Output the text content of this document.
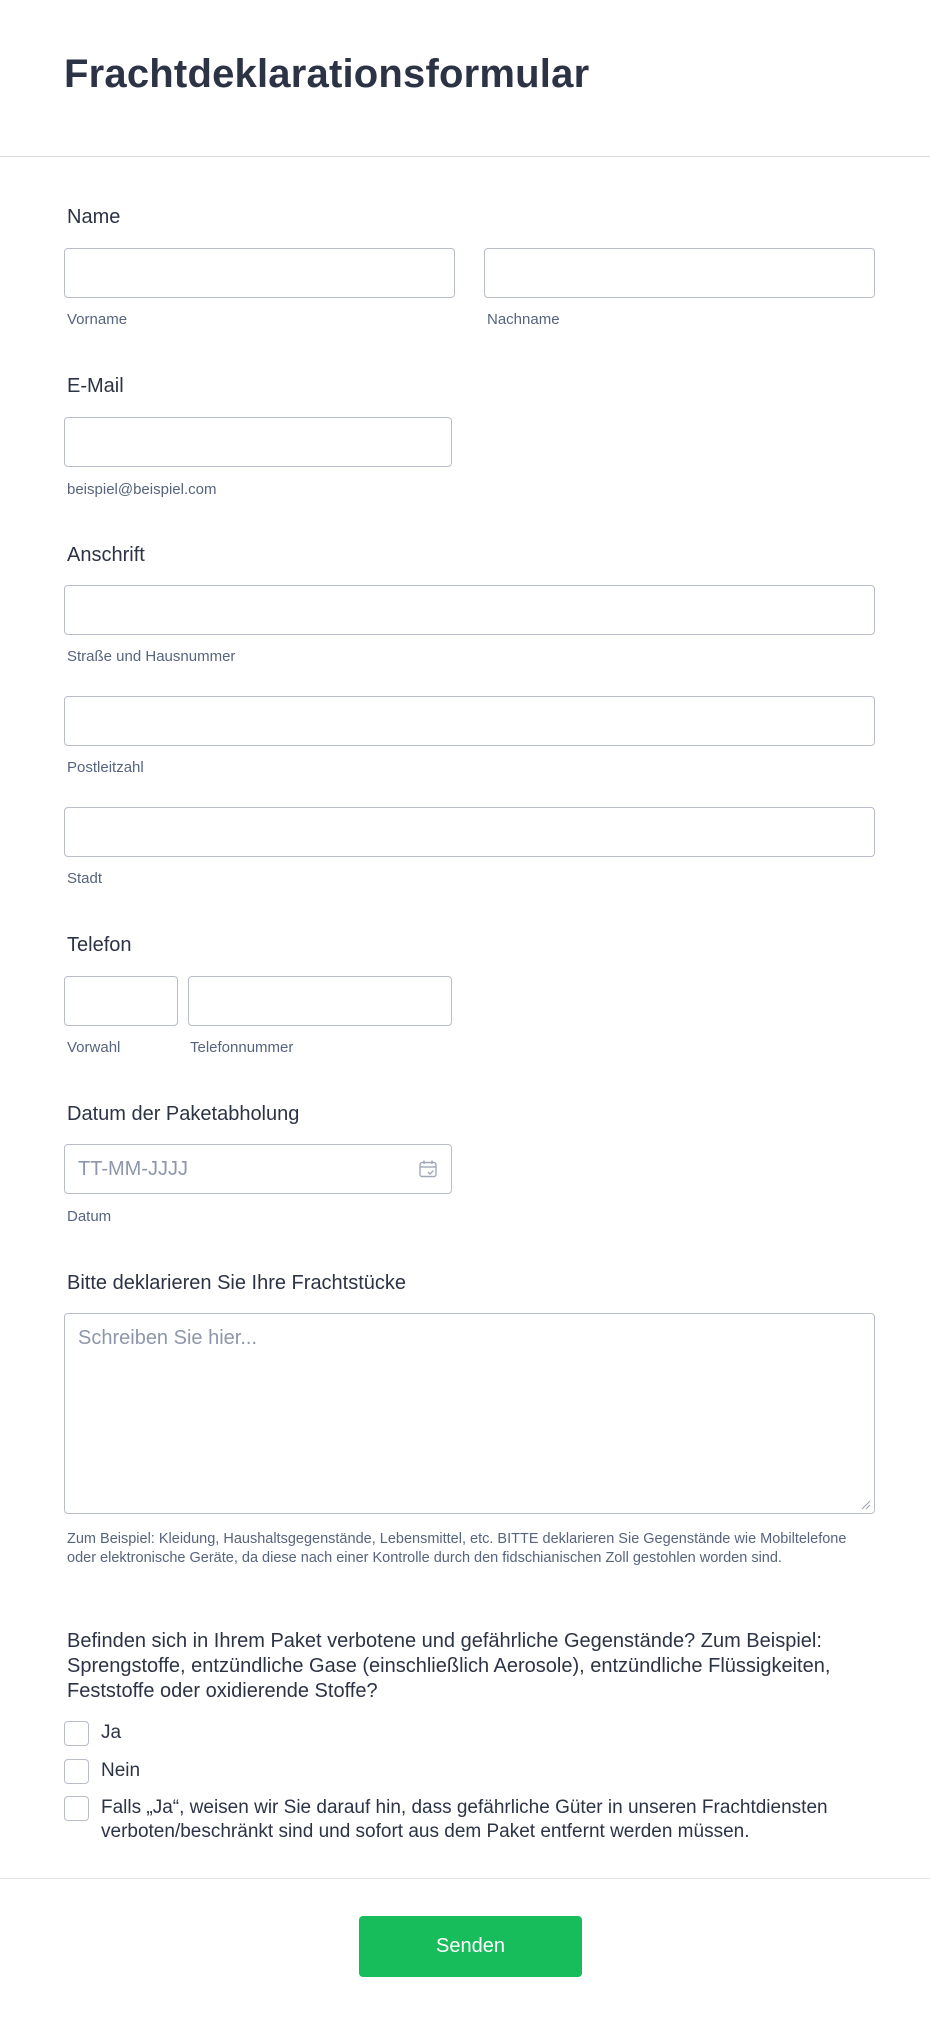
Frachtdeklarationsformular
Name
Vorname	Nachname
E-Mail
beispiel@beispiel.com
Anschrift
Straße und Hausnummer
Postleitzahl
Stadt
Telefon
Vorwahl	Telefonnummer
Datum der Paketabholung
TT-MM-JJJJ
Datum
Bitte deklarieren Sie Ihre Frachtstücke
Schreiben Sie hier...
Zum Beispiel: Kleidung, Haushaltsgegenstände, Lebensmittel, etc. BITTE deklarieren Sie Gegenstände wie Mobiltelefone oder elektronische Geräte, da diese nach einer Kontrolle durch den fidschianischen Zoll gestohlen worden sind.
Befinden sich in Ihrem Paket verbotene und gefährliche Gegenstände? Zum Beispiel: Sprengstoffe, entzündliche Gase (einschließlich Aerosole), entzündliche Flüssigkeiten, Feststoffe oder oxidierende Stoffe?
Ja
Nein
Falls „Ja“, weisen wir Sie darauf hin, dass gefährliche Güter in unseren Frachtdiensten verboten/beschränkt sind und sofort aus dem Paket entfernt werden müssen.
Senden
